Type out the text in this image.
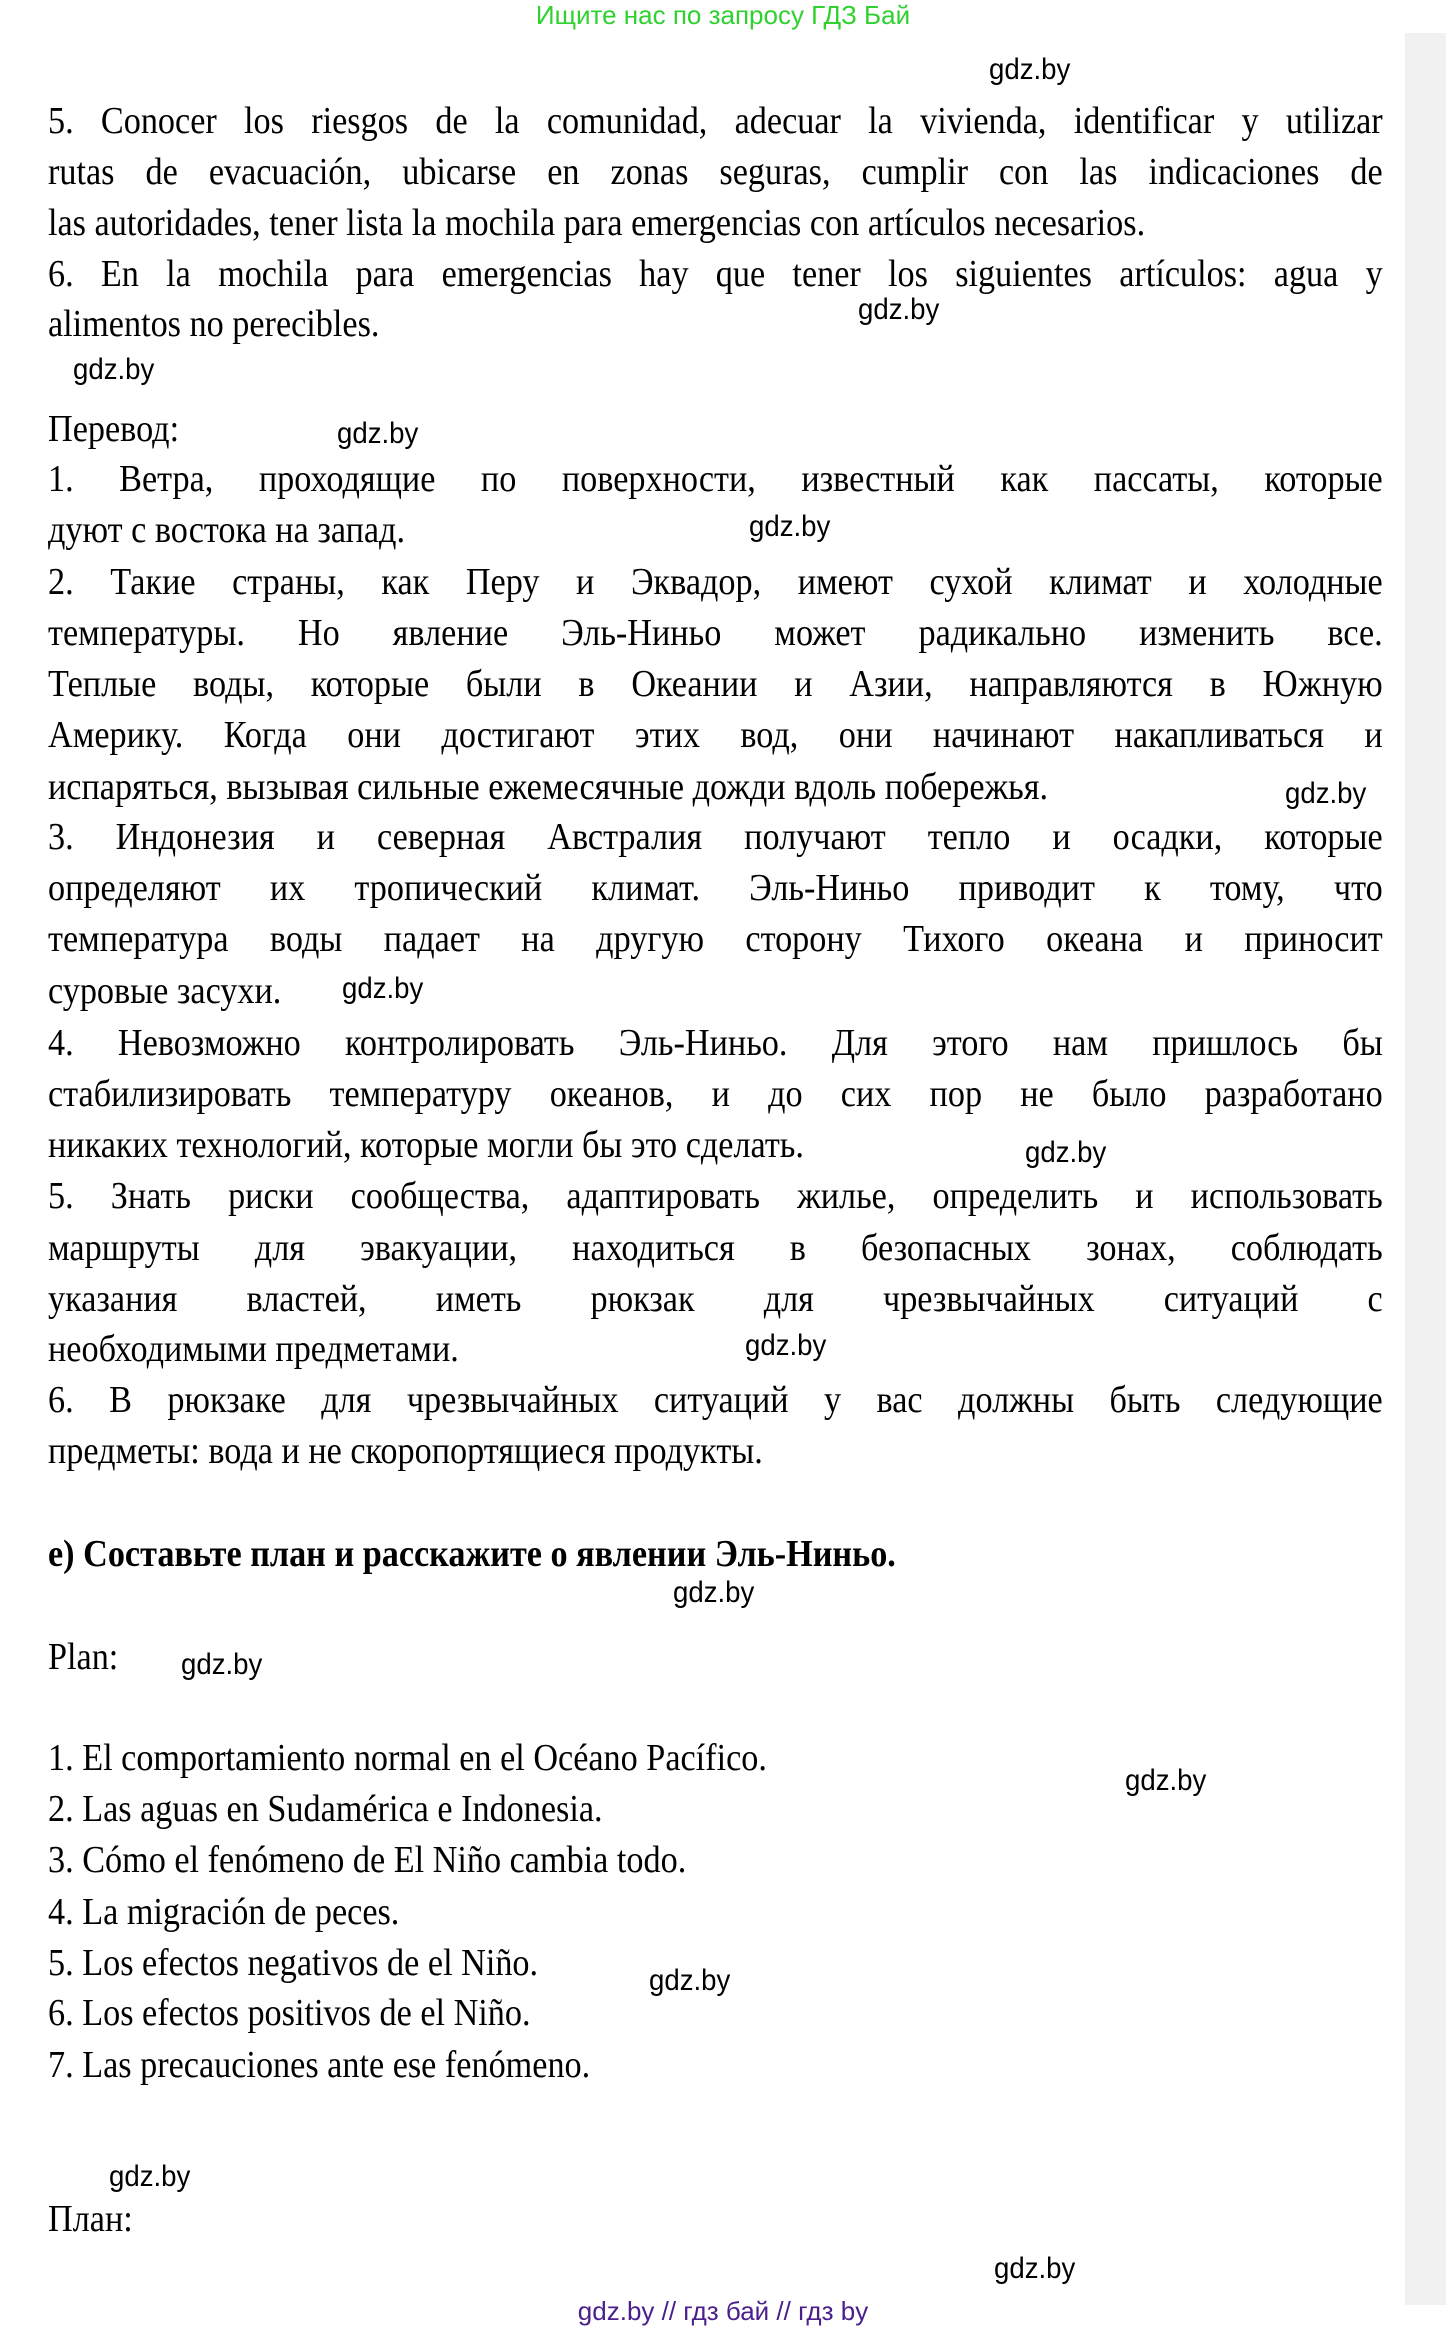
Ищите нас по запросу ГДЗ Бай
5. Conocer los riesgos de la comunidad, adecuar la vivienda, identificar y utilizar
rutas de evacuación, ubicarse en zonas seguras, cumplir con las indicaciones de
las autoridades, tener lista la mochila para emergencias con artículos necesarios.
6. En la mochila para emergencias hay que tener los siguientes artículos: agua y
alimentos no perecibles.
Перевод:
1. Ветра, проходящие по поверхности, известный как пассаты, которые
дуют с востока на запад.
2. Такие страны, как Перу и Эквадор, имеют сухой климат и холодные
температуры. Но явление Эль-Ниньо может радикально изменить все.
Теплые воды, которые были в Океании и Азии, направляются в Южную
Америку. Когда они достигают этих вод, они начинают накапливаться и
испаряться, вызывая сильные ежемесячные дожди вдоль побережья.
3. Индонезия и северная Австралия получают тепло и осадки, которые
определяют их тропический климат. Эль-Ниньо приводит к тому, что
температура воды падает на другую сторону Тихого океана и приносит
суровые засухи.
4. Невозможно контролировать Эль-Ниньо. Для этого нам пришлось бы
стабилизировать температуру океанов, и до сих пор не было разработано
никаких технологий, которые могли бы это сделать.
5. Знать риски сообщества, адаптировать жилье, определить и использовать
маршруты для эвакуации, находиться в безопасных зонах, соблюдать
указания властей, иметь рюкзак для чрезвычайных ситуаций с
необходимыми предметами.
6. В рюкзаке для чрезвычайных ситуаций у вас должны быть следующие
предметы: вода и не скоропортящиеся продукты.
е) Составьте план и расскажите о явлении Эль-Ниньо.
Plan:
1. El comportamiento normal en el Océano Pacífico.
2. Las aguas en Sudamérica e Indonesia.
3. Cómo el fenómeno de El Niño cambia todo.
4. La migración de peces.
5. Los efectos negativos de el Niño.
6. Los efectos positivos de el Niño.
7. Las precauciones ante ese fenómeno.
План:
gdz.by
gdz.by
gdz.by
gdz.by
gdz.by
gdz.by
gdz.by
gdz.by
gdz.by
gdz.by
gdz.by
gdz.by
gdz.by
gdz.by
gdz.by
gdz.by // гдз бай // гдз by
